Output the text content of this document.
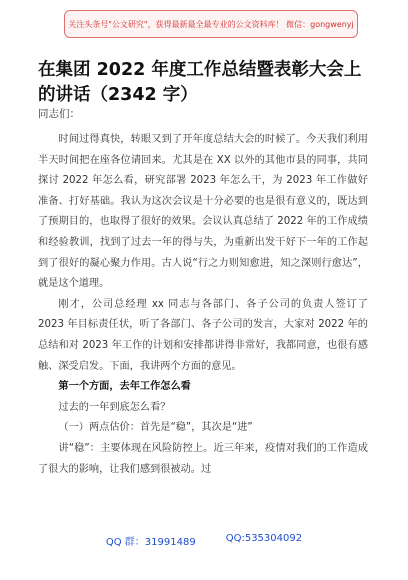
关注头条号"公文研究"，获得最新最全最专业的公文资料库！ 微信：gongwenyj
在集团 2022 年度工作总结暨表彰大会上的讲话（2342 字）
同志们：

时间过得真快，转眼又到了开年度总结大会的时候了。今天我们利用半天时间把在座各位请回来。尤其是在 XX 以外的其他市县的同事，共同探讨 2022 年怎么看，研究部署 2023 年怎么干，为 2023 年工作做好准备、打好基础。我认为这次会议是十分必要的也是很有意义的，既达到了预期目的，也取得了很好的效果。会议认真总结了 2022 年的工作成绩和经验教训，找到了过去一年的得与失，为重新出发干好下一年的工作起到了很好的凝心聚力作用。古人说“行之力则知愈进，知之深则行愈达”，就是这个道理。

刚才，公司总经理 xx 同志与各部门、各子公司的负责人签订了 2023 年目标责任状，听了各部门、各子公司的发言，大家对 2022 年的总结和对 2023 年工作的计划和安排都讲得非常好，我都同意，也很有感触、深受启发。下面，我讲两个方面的意见。

第一个方面，去年工作怎么看

过去的一年到底怎么看？

（一）两点估价：首先是“稳”，其次是“进”

讲“稳”：主要体现在风险防控上。近三年来，疫情对我们的工作造成了很大的影响，让我们感到很被动。过

QQ 群：31991489	QQ:535304092
